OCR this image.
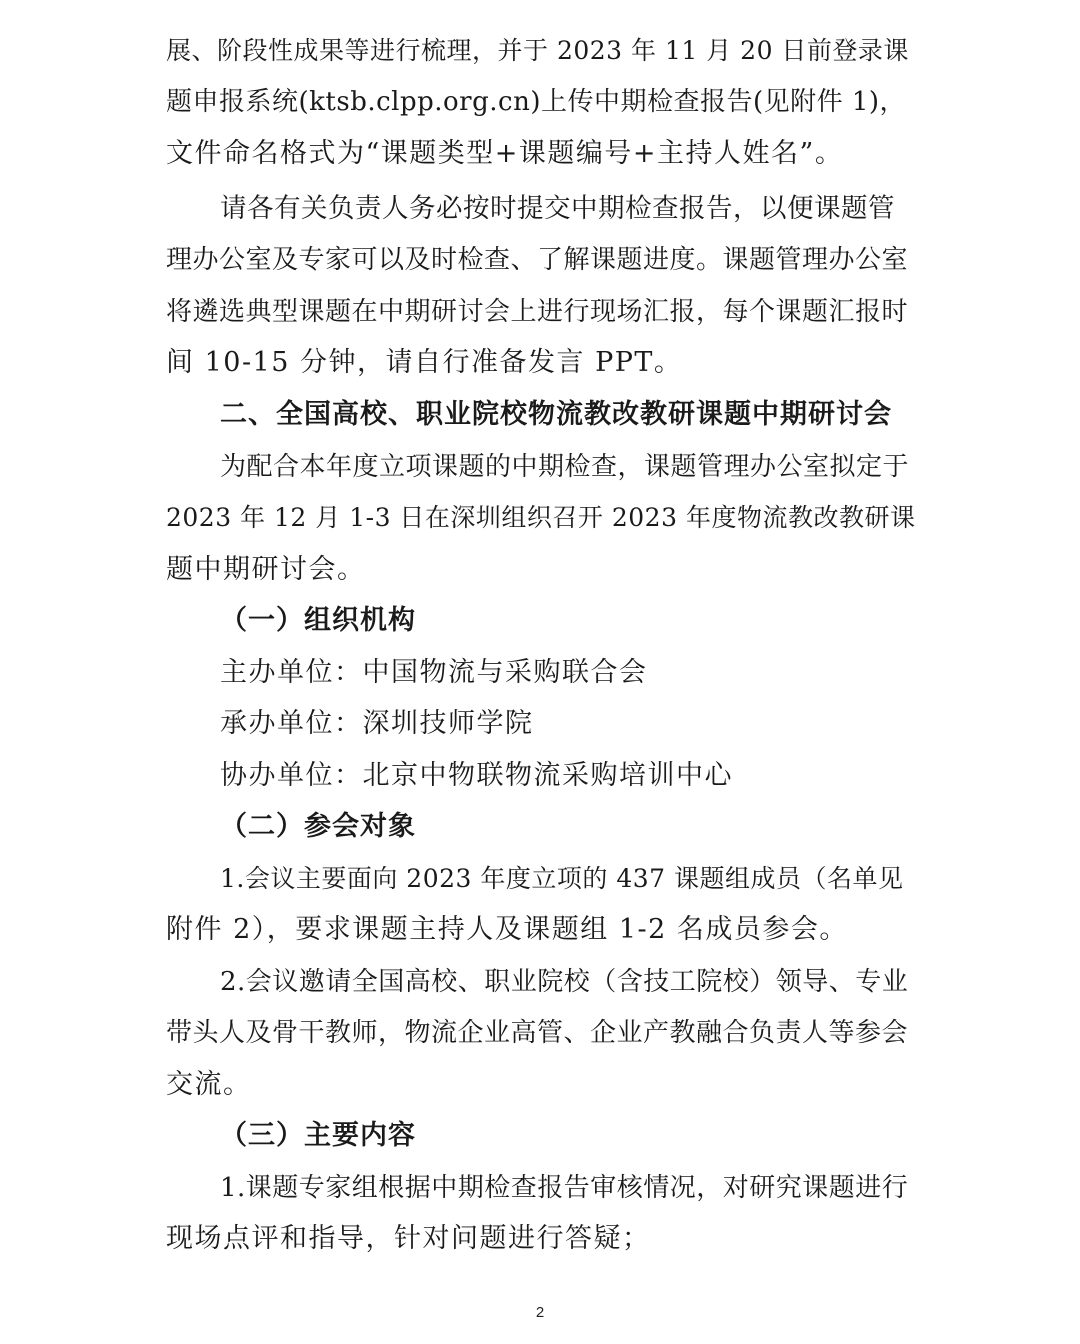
展、阶段性成果等进行梳理，并于 2023 年 11 月 20 日前登录课
题申报系统(ktsb.clpp.org.cn)上传中期检查报告(见附件 1)，
文件命名格式为“课题类型+课题编号+主持人姓名”。
请各有关负责人务必按时提交中期检查报告，以便课题管
理办公室及专家可以及时检查、了解课题进度。课题管理办公室
将遴选典型课题在中期研讨会上进行现场汇报，每个课题汇报时
间 10-15 分钟，请自行准备发言 PPT。
二、全国高校、职业院校物流教改教研课题中期研讨会
为配合本年度立项课题的中期检查，课题管理办公室拟定于
2023 年 12 月 1-3 日在深圳组织召开 2023 年度物流教改教研课
题中期研讨会。
（一）组织机构
主办单位：中国物流与采购联合会
承办单位：深圳技师学院
协办单位：北京中物联物流采购培训中心
（二）参会对象
1.会议主要面向 2023 年度立项的 437 课题组成员（名单见
附件 2），要求课题主持人及课题组 1-2 名成员参会。
2.会议邀请全国高校、职业院校（含技工院校）领导、专业
带头人及骨干教师，物流企业高管、企业产教融合负责人等参会
交流。
（三）主要内容
1.课题专家组根据中期检查报告审核情况，对研究课题进行
现场点评和指导，针对问题进行答疑；
2
